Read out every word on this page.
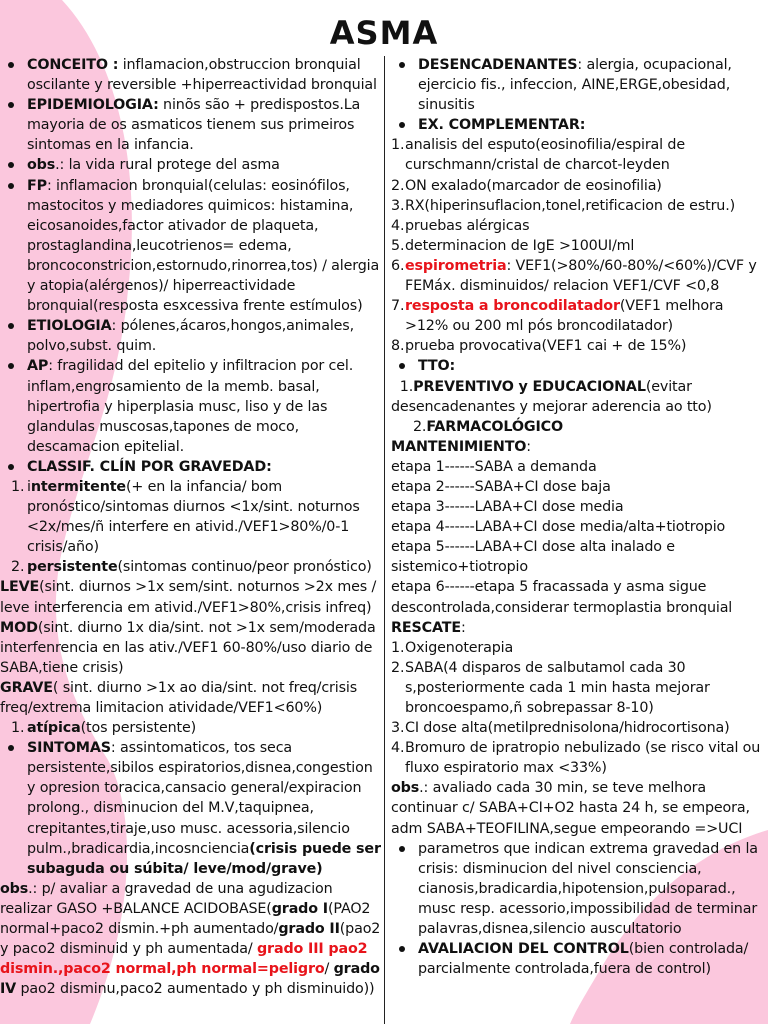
ASMA

CONCEITO : inflamacion,obstruccion bronquial oscilante y reversible +hiperreactividad bronquial

EPIDEMIOLOGIA: ninõs são + predispostos.La mayoria de os asmaticos tienem sus primeiros sintomas en la infancia.

obs.: la vida rural protege del asma

FP: inflamacion bronquial(celulas: eosinófilos, mastocitos y mediadores quimicos: histamina, eicosanoides,factor ativador de plaqueta, prostaglandina,leucotrienos= edema, broncoconstricion,estornudo,rinorrea,tos) / alergia y atopia(alérgenos)/ hiperreactividade bronquial(resposta esxcessiva frente estímulos)

ETIOLOGIA: pólenes,ácaros,hongos,animales, polvo,subst. quim.

AP: fragilidad del epitelio y infiltracion por cel. inflam,engrosamiento de la memb. basal, hipertrofia y hiperplasia musc, liso y de las glandulas muscosas,tapones de moco, descamacion epitelial.

CLASSIF. CLÍN POR GRAVEDAD:

1. intermitente(+ en la infancia/ bom pronóstico/sintomas diurnos <1x/sint. noturnos <2x/mes/ñ interfere en ativid./VEF1>80%/0-1 crisis/año)

2. persistente(sintomas continuo/peor pronóstico)

LEVE(sint. diurnos >1x sem/sint. noturnos >2x mes / leve interferencia em ativid./VEF1>80%,crisis infreq)

MOD(sint. diurno 1x dia/sint. not >1x sem/moderada interfenrencia en las ativ./VEF1 60-80%/uso diario de SABA,tiene crisis)

GRAVE( sint. diurno >1x ao dia/sint. not freq/crisis freq/extrema limitacion atividade/VEF1<60%)

1. atípica(tos persistente)

SINTOMAS: assintomaticos, tos seca persistente,sibilos espiratorios,disnea,congestion y opresion toracica,cansacio general/expiracion prolong., disminucion del M.V,taquipnea, crepitantes,tiraje,uso musc. acessoria,silencio pulm.,bradicardia,incosnciencia(crisis puede ser subaguda ou súbita/ leve/mod/grave)

obs.: p/ avaliar a gravedad de una agudizacion realizar GASO +BALANCE ACIDOBASE(grado I(PAO2 normal+paco2 dismin.+ph aumentado/grado II(pao2 y paco2 disminuid y ph aumentada/ grado III pao2 dismin.,paco2 normal,ph normal=peligro/ grado IV pao2 disminu,paco2 aumentado y ph disminuido))

DESENCADENANTES: alergia, ocupacional, ejercicio fis., infeccion, AINE,ERGE,obesidad, sinusitis

EX. COMPLEMENTAR:

1. analisis del esputo(eosinofilia/espiral de curschmann/cristal de charcot-leyden

2. ON exalado(marcador de eosinofilia)

3. RX(hiperinsuflacion,tonel,retificacion de estru.)

4. pruebas alérgicas

5. determinacion de IgE >100UI/ml

6. espirometria: VEF1(>80%/60-80%/<60%)/CVF y FEMáx. disminuidos/ relacion VEF1/CVF <0,8

7. resposta a broncodilatador(VEF1 melhora >12% ou 200 ml pós broncodilatador)

8. prueba provocativa(VEF1 cai + de 15%)

TTO:

1.PREVENTIVO y EDUCACIONAL(evitar desencadenantes y mejorar aderencia ao tto)

2.FARMACOLÓGICO

MANTENIMIENTO:

etapa 1------SABA a demanda

etapa 2------SABA+CI dose baja

etapa 3------LABA+CI dose media

etapa 4------LABA+CI dose media/alta+tiotropio

etapa 5------LABA+CI dose alta inalado e sistemico+tiotropio

etapa 6------etapa 5 fracassada y asma sigue descontrolada,considerar termoplastia bronquial

RESCATE:

1. Oxigenoterapia

2. SABA(4 disparos de salbutamol cada 30 s,posteriormente cada 1 min hasta mejorar broncoespamo,ñ sobrepassar 8-10)

3. CI dose alta(metilprednisolona/hidrocortisona)

4. Bromuro de ipratropio nebulizado (se risco vital ou fluxo espiratorio max <33%)

obs.: avaliado cada 30 min, se teve melhora continuar c/ SABA+CI+O2 hasta 24 h, se empeora, adm SABA+TEOFILINA,segue empeorando =>UCI

parametros que indican extrema gravedad en la crisis: disminucion del nivel consciencia, cianosis,bradicardia,hipotension,pulsoparad., musc resp. acessorio,impossibilidad de terminar palavras,disnea,silencio auscultatorio

AVALIACION DEL CONTROL(bien controlada/ parcialmente controlada,fuera de control)
